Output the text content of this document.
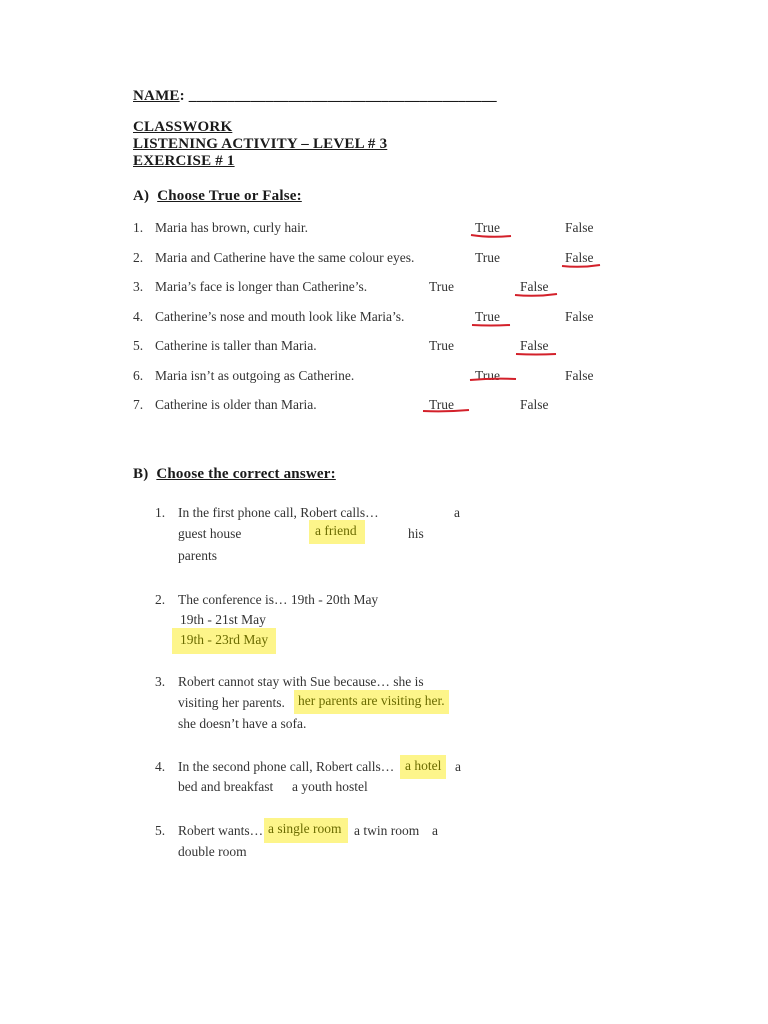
NAME: ________________________________________
CLASSWORK
LISTENING ACTIVITY – LEVEL # 3
EXERCISE # 1
A) Choose True or False:
1. Maria has brown, curly hair.	True	False
2. Maria and Catherine have the same colour eyes.	True	False
3. Maria’s face is longer than Catherine’s.	True	False
4. Catherine’s nose and mouth look like Maria’s.	True	False
5. Catherine is taller than Maria.	True	False
6. Maria isn’t as outgoing as Catherine.	True	False
7. Catherine is older than Maria.	True	False
B) Choose the correct answer:
1. In the first phone call, Robert calls…	a
guest house	a friend	his
parents
2. The conference is… 19th - 20th May
19th - 21st May
19th - 23rd May
3. Robert cannot stay with Sue because… she is
visiting her parents. her parents are visiting her.
she doesn’t have a sofa.
4. In the second phone call, Robert calls… a hotel	a
bed and breakfast a youth hostel
5. Robert wants… a single room a twin room a
double room
